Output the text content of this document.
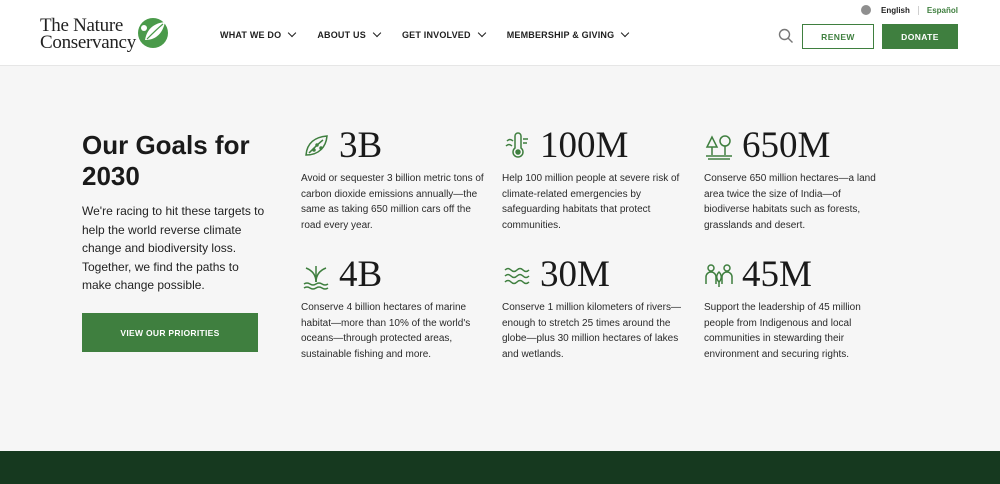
The Nature
Conservancy	WHAT WE DO	ABOUT US	GET INVOLVED	MEMBERSHIP & GIVING
English	Español
RENEW	DONATE
Our Goals for 2030

We're racing to hit these targets to help the world reverse climate change and biodiversity loss. Together, we find the paths to make change possible.

VIEW OUR PRIORITIES
3B

Avoid or sequester 3 billion metric tons of carbon dioxide emissions annually—the same as taking 650 million cars off the road every year.

100M

Help 100 million people at severe risk of climate-related emergencies by safeguarding habitats that protect communities.

650M

Conserve 650 million hectares—a land area twice the size of India—of biodiverse habitats such as forests, grasslands and desert.

4B

Conserve 4 billion hectares of marine habitat—more than 10% of the world's oceans—through protected areas, sustainable fishing and more.

30M

Conserve 1 million kilometers of rivers—enough to stretch 25 times around the globe—plus 30 million hectares of lakes and wetlands.

45M

Support the leadership of 45 million people from Indigenous and local communities in stewarding their environment and securing rights.
